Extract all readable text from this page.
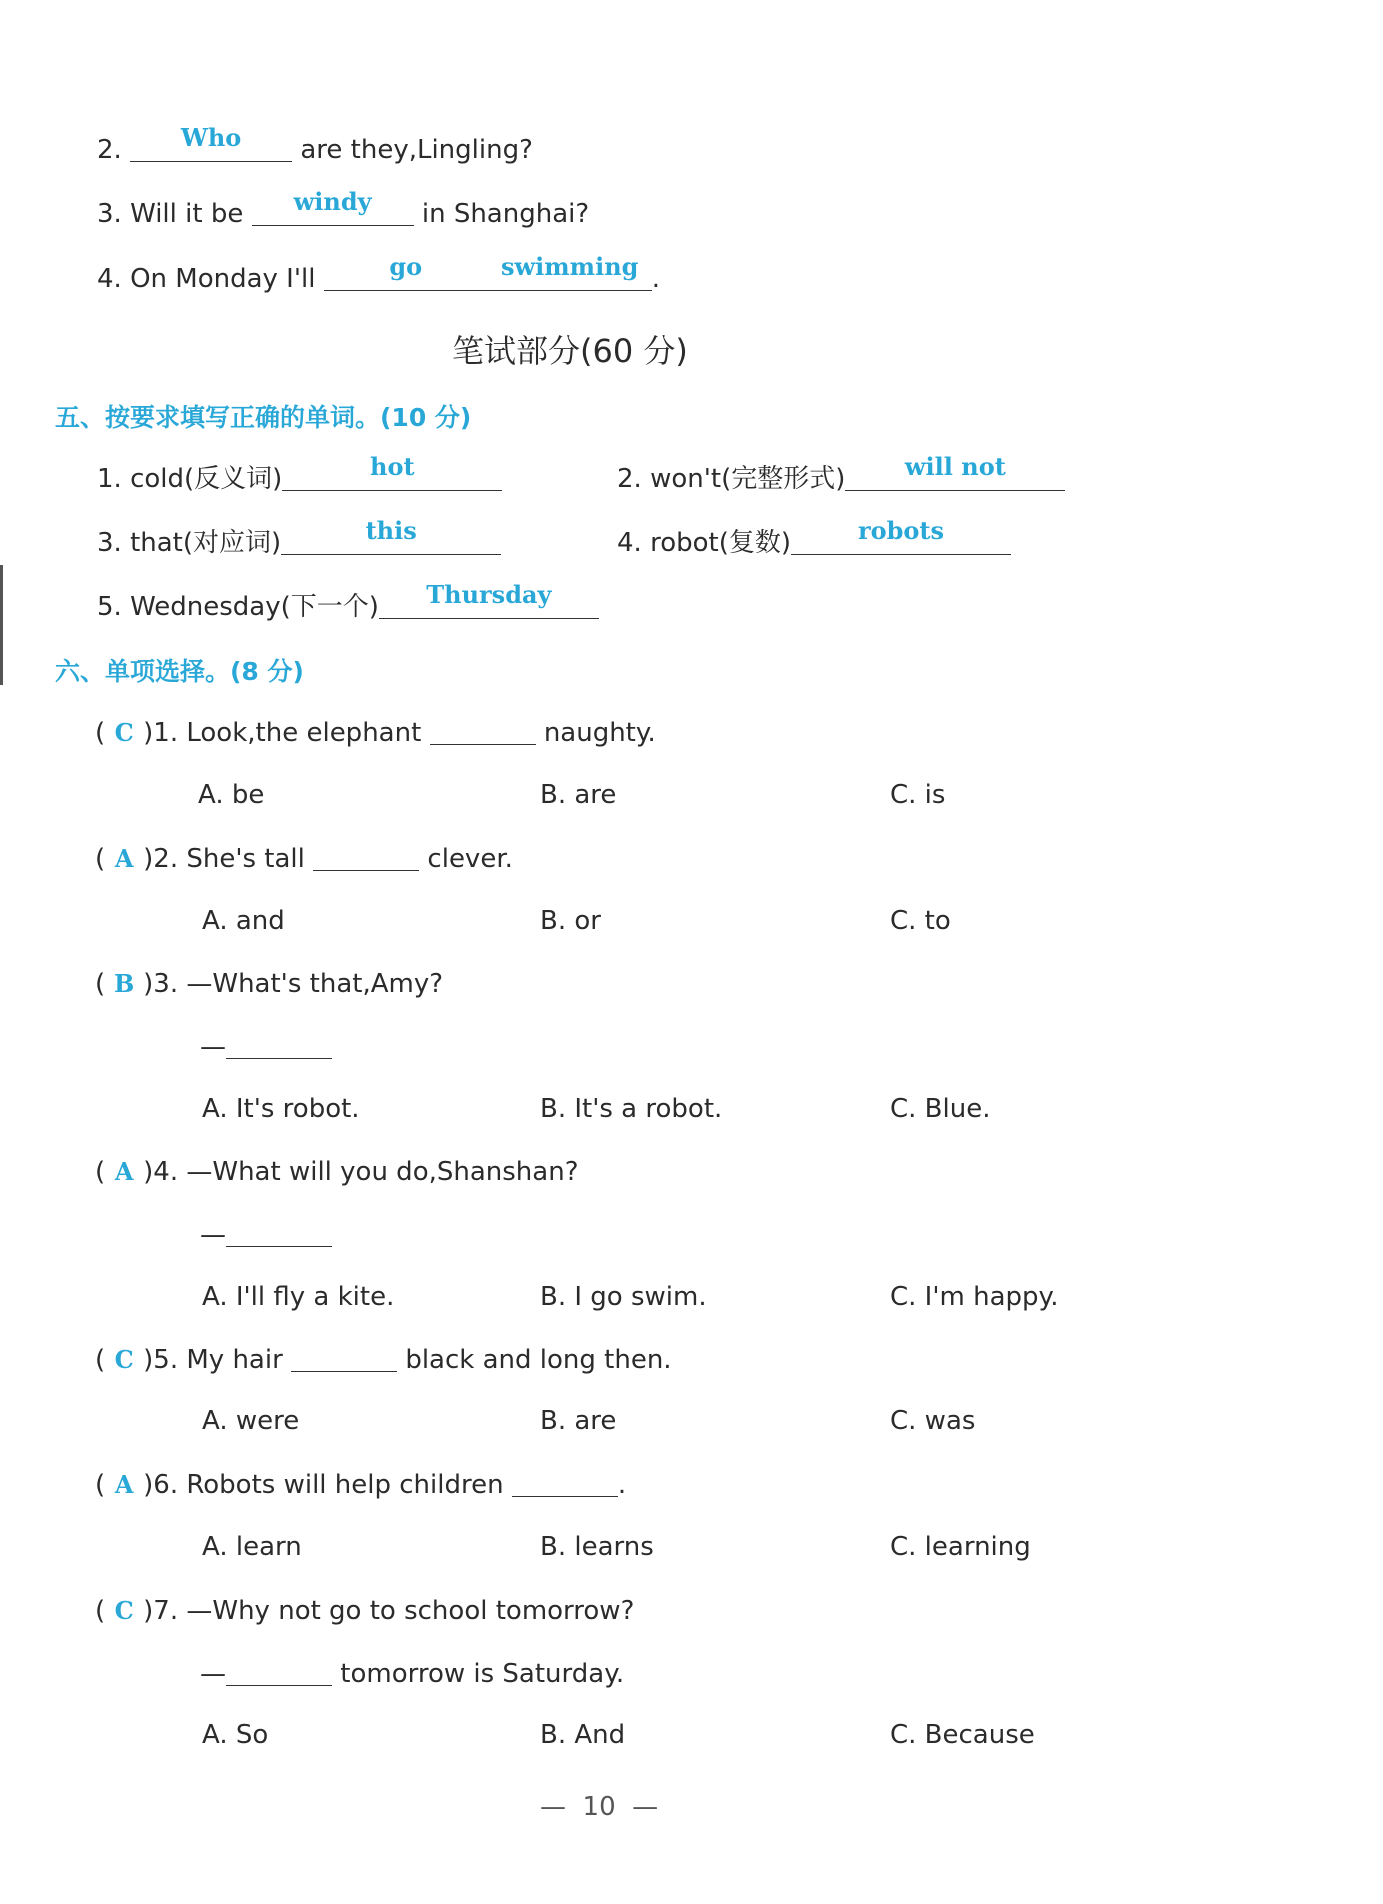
2.	Who	are they,Lingling?
3. Will it be	windy	in Shanghai?
4. On Monday I'll	go	swimming .
笔试部分(60 分)
五、按要求填写正确的单词。(10 分)
1. cold(反义词)	hot	2. won't(完整形式)	will not
3. that(对应词)	this	4. robot(复数)	robots
5. Wednesday(下一个)	Thursday
六、单项选择。(8 分)
( C )1. Look,the elephant	naughty.
A. be	B. are	C. is
( A )2. She's tall	clever.
A. and	B. or	C. to
( B )3. —What's that,Amy?
—
A. It's robot.	B. It's a robot.	C. Blue.
( A )4. —What will you do,Shanshan?
—
A. I'll fly a kite.	B. I go swim.	C. I'm happy.
( C )5. My hair	black and long then.
A. were	B. are	C. was
( A )6. Robots will help children	.
A. learn	B. learns	C. learning
( C )7. —Why not go to school tomorrow?
—	tomorrow is Saturday.
A. So	B. And	C. Because
— 10 —
